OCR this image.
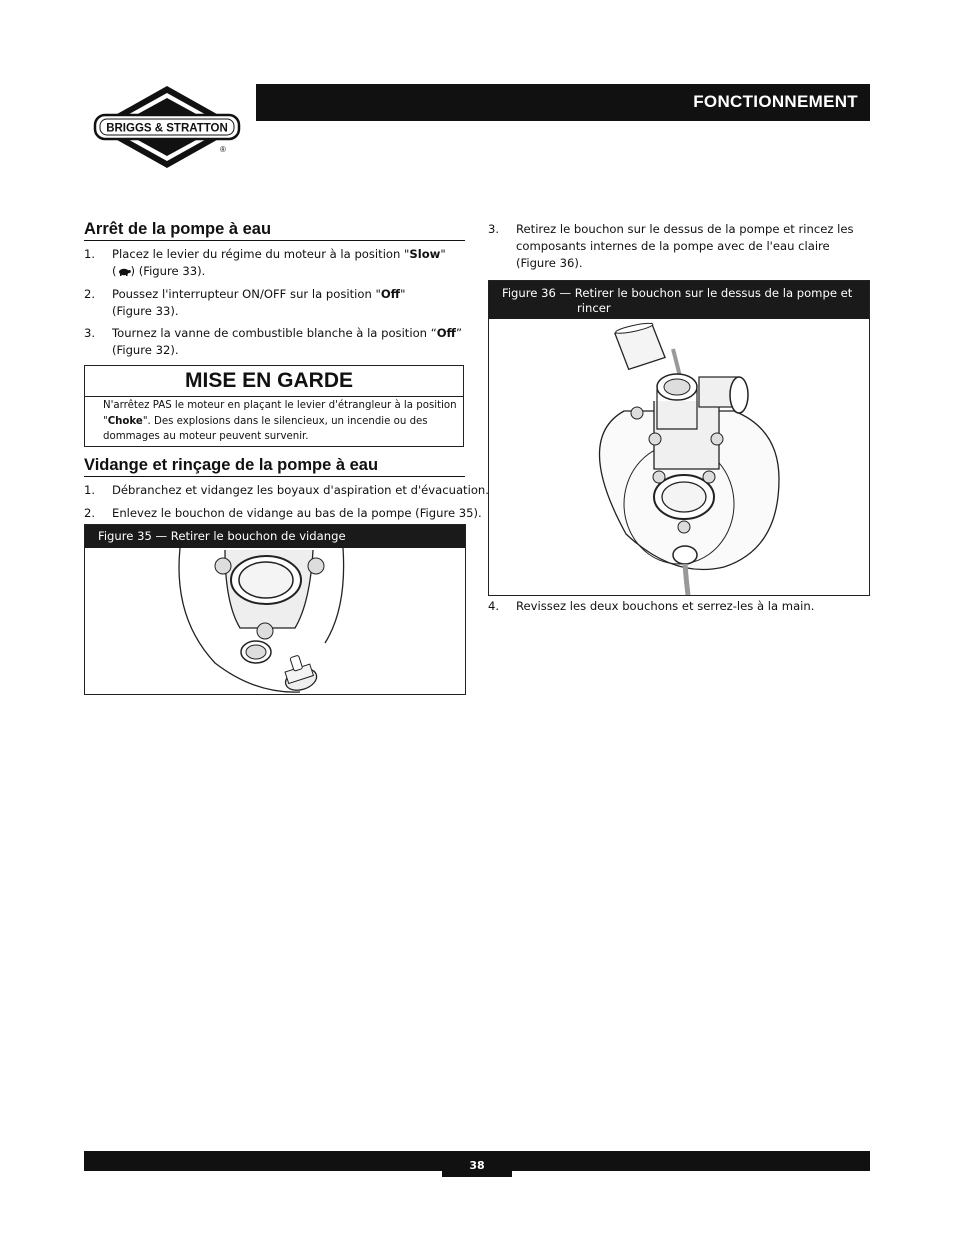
BRIGGS & STRATTON
®
FONCTIONNEMENT
Arrêt de la pompe à eau
1. Placez le levier du régime du moteur à la position "Slow"
( ) (Figure 33).
2. Poussez l'interrupteur ON/OFF sur la position "Off"
(Figure 33).
3. Tournez la vanne de combustible blanche à la position “Off”
(Figure 32).
MISE EN GARDE
N'arrêtez PAS le moteur en plaçant le levier d'étrangleur à la position
"Choke". Des explosions dans le silencieux, un incendie ou des
dommages au moteur peuvent survenir.
Vidange et rinçage de la pompe à eau
1. Débranchez et vidangez les boyaux d'aspiration et d'évacuation.
2. Enlevez le bouchon de vidange au bas de la pompe (Figure 35).
Figure 35 — Retirer le bouchon de vidange
3. Retirez le bouchon sur le dessus de la pompe et rincez les
composants internes de la pompe avec de l'eau claire
(Figure 36).
Figure 36 — Retirer le bouchon sur le dessus de la pompe et
rincer
4. Revissez les deux bouchons et serrez-les à la main.
38
